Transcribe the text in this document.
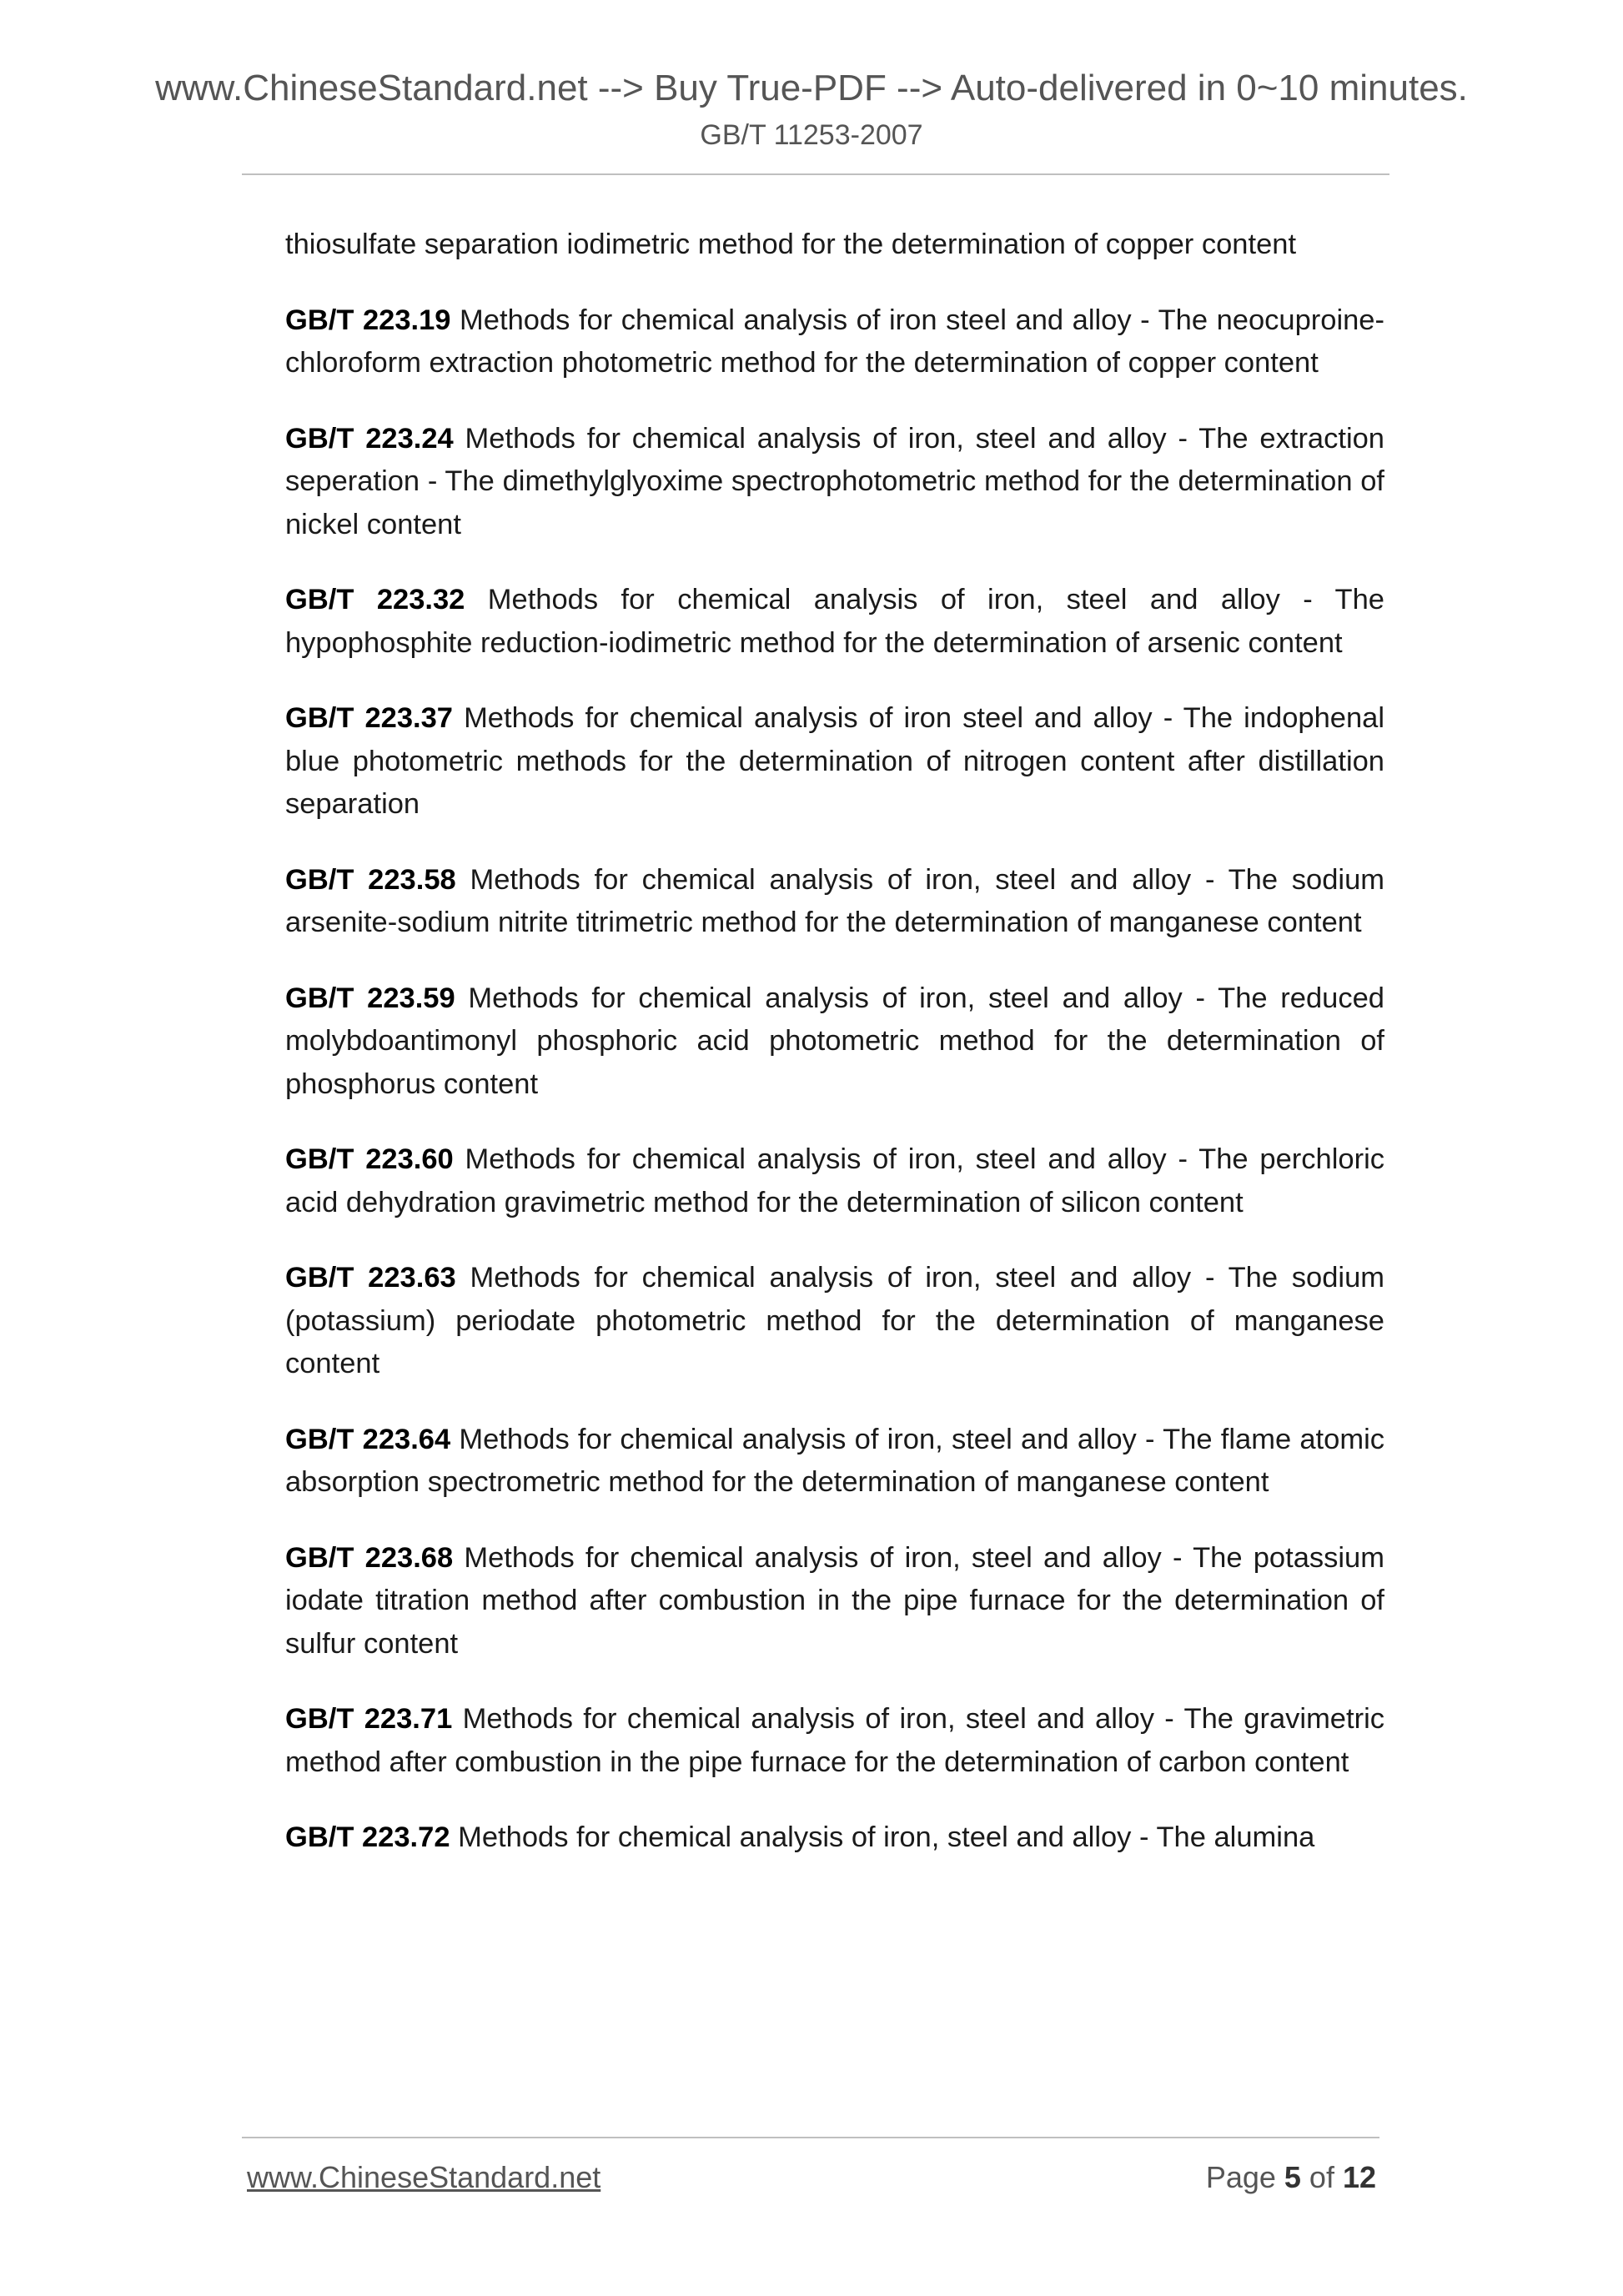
www.ChineseStandard.net --> Buy True-PDF --> Auto-delivered in 0~10 minutes.
GB/T 11253-2007

thiosulfate separation iodimetric method for the determination of copper content

GB/T 223.19 Methods for chemical analysis of iron steel and alloy - The neocuproine-chloroform extraction photometric method for the determination of copper content

GB/T 223.24 Methods for chemical analysis of iron, steel and alloy - The extraction seperation - The dimethylglyoxime spectrophotometric method for the determination of nickel content

GB/T 223.32 Methods for chemical analysis of iron, steel and alloy - The hypophosphite reduction-iodimetric method for the determination of arsenic content

GB/T 223.37 Methods for chemical analysis of iron steel and alloy - The indophenal blue photometric methods for the determination of nitrogen content after distillation separation

GB/T 223.58 Methods for chemical analysis of iron, steel and alloy - The sodium arsenite-sodium nitrite titrimetric method for the determination of manganese content

GB/T 223.59 Methods for chemical analysis of iron, steel and alloy - The reduced molybdoantimonyl phosphoric acid photometric method for the determination of phosphorus content

GB/T 223.60 Methods for chemical analysis of iron, steel and alloy - The perchloric acid dehydration gravimetric method for the determination of silicon content

GB/T 223.63 Methods for chemical analysis of iron, steel and alloy - The sodium (potassium) periodate photometric method for the determination of manganese content

GB/T 223.64 Methods for chemical analysis of iron, steel and alloy - The flame atomic absorption spectrometric method for the determination of manganese content

GB/T 223.68 Methods for chemical analysis of iron, steel and alloy - The potassium iodate titration method after combustion in the pipe furnace for the determination of sulfur content

GB/T 223.71 Methods for chemical analysis of iron, steel and alloy - The gravimetric method after combustion in the pipe furnace for the determination of carbon content

GB/T 223.72 Methods for chemical analysis of iron, steel and alloy - The alumina

www.ChineseStandard.net	Page 5 of 12
